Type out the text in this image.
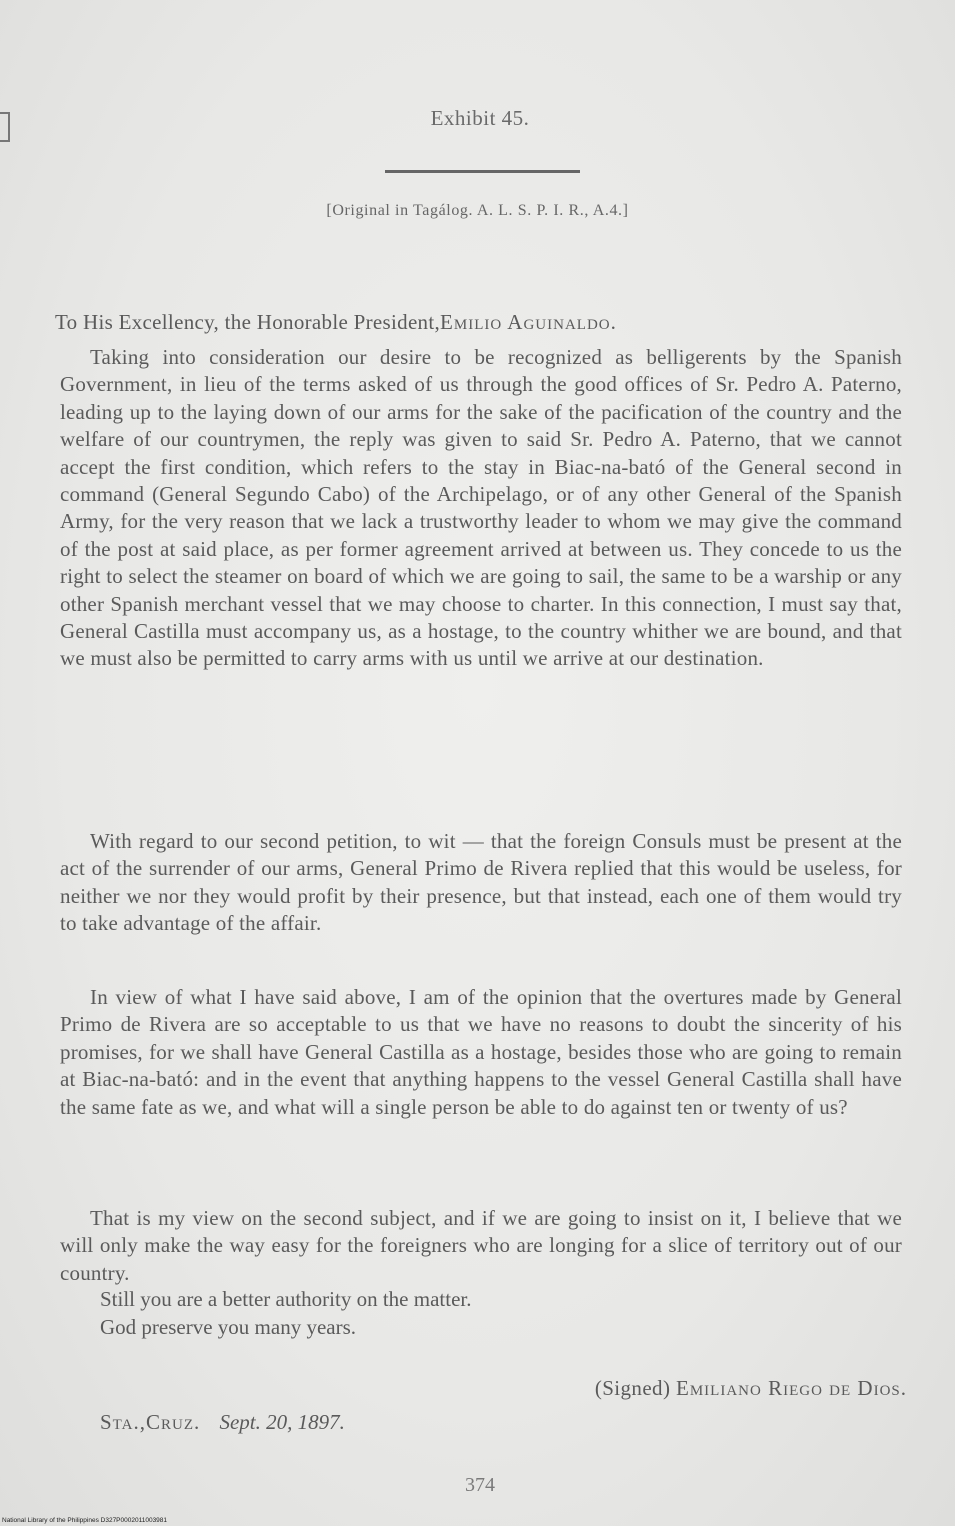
Exhibit 45.
[Original in Tagálog. A. L. S. P. I. R., A.4.]
To His Excellency, the Honorable President,Emilio Aguinaldo.
Taking into consideration our desire to be recognized as belligerents by the Spanish Government, in lieu of the terms asked of us through the good offices of Sr. Pedro A. Paterno, leading up to the laying down of our arms for the sake of the pacification of the country and the welfare of our countrymen, the reply was given to said Sr. Pedro A. Paterno, that we cannot accept the first condition, which refers to the stay in Biac-na-bató of the General second in command (General Segundo Cabo) of the Archipelago, or of any other General of the Spanish Army, for the very reason that we lack a trustworthy leader to whom we may give the command of the post at said place, as per former agreement arrived at between us. They concede to us the right to select the steamer on board of which we are going to sail, the same to be a warship or any other Spanish merchant vessel that we may choose to charter. In this connection, I must say that, General Castilla must accompany us, as a hostage, to the country whither we are bound, and that we must also be permitted to carry arms with us until we arrive at our destination.
With regard to our second petition, to wit — that the foreign Consuls must be present at the act of the surrender of our arms, General Primo de Rivera replied that this would be useless, for neither we nor they would profit by their presence, but that instead, each one of them would try to take advantage of the affair.
In view of what I have said above, I am of the opinion that the overtures made by General Primo de Rivera are so acceptable to us that we have no reasons to doubt the sincerity of his promises, for we shall have General Castilla as a hostage, besides those who are going to remain at Biac-na-bató: and in the event that anything happens to the vessel General Castilla shall have the same fate as we, and what will a single person be able to do against ten or twenty of us?
That is my view on the second subject, and if we are going to insist on it, I believe that we will only make the way easy for the foreigners who are longing for a slice of territory out of our country.
Still you are a better authority on the matter.
God preserve you many years.
(Signed) Emiliano Riego de Dios.
Sta.,Cruz. Sept. 20, 1897.
374
National Library of the Philippines D327P0002011003981
